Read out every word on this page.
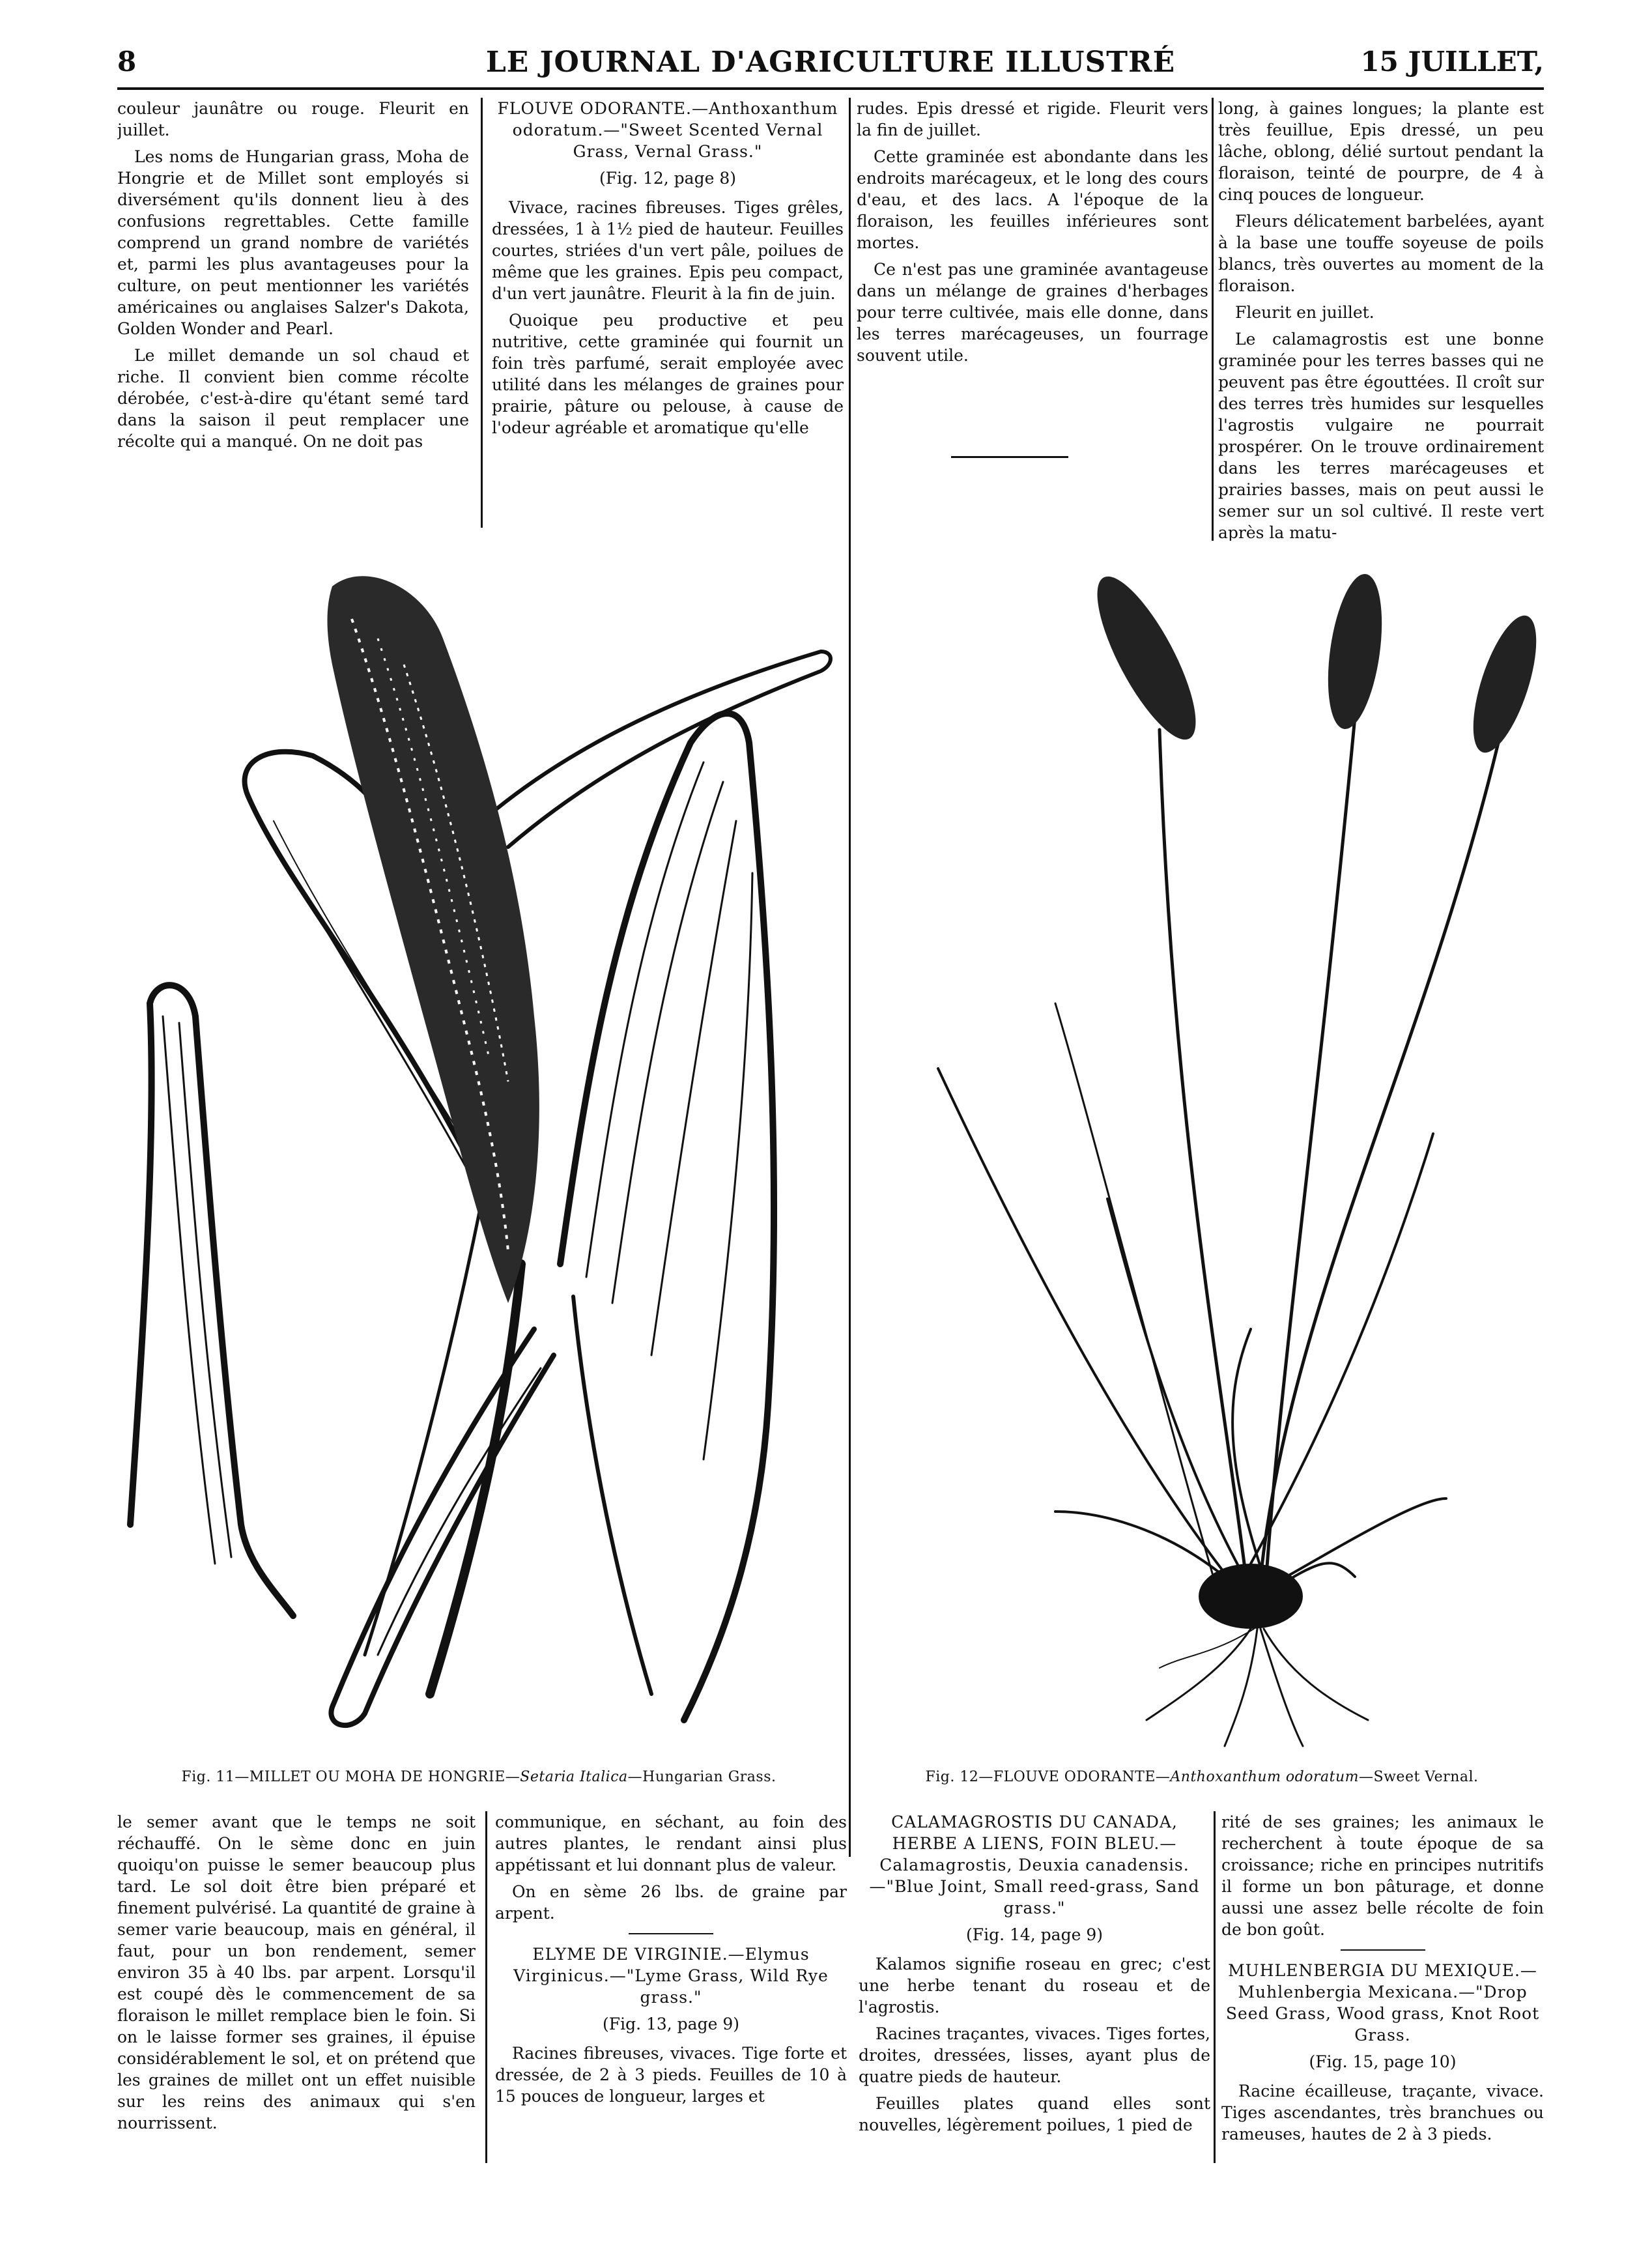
8	LE JOURNAL D'AGRICULTURE ILLUSTRÉ	15 JUILLET,

couleur jaunâtre ou rouge. Fleurit en juillet.

Les noms de Hungarian grass, Moha de Hongrie et de Millet sont employés si diversément qu'ils donnent lieu à des confusions regrettables. Cette famille comprend un grand nombre de variétés et, parmi les plus avantageuses pour la culture, on peut mentionner les variétés américaines ou anglaises Salzer's Dakota, Golden Wonder and Pearl.

Le millet demande un sol chaud et riche. Il convient bien comme récolte dérobée, c'est-à-dire qu'étant semé tard dans la saison il peut remplacer une récolte qui a manqué. On ne doit pas

FLOUVE ODORANTE.—Anthoxanthum odoratum.—"Sweet Scented Vernal Grass, Vernal Grass."

(Fig. 12, page 8)

Vivace, racines fibreuses. Tiges grêles, dressées, 1 à 1½ pied de hauteur. Feuilles courtes, striées d'un vert pâle, poilues de même que les graines. Epis peu compact, d'un vert jaunâtre. Fleurit à la fin de juin.

Quoique peu productive et peu nutritive, cette graminée qui fournit un foin très parfumé, serait employée avec utilité dans les mélanges de graines pour prairie, pâture ou pelouse, à cause de l'odeur agréable et aromatique qu'elle

rudes. Epis dressé et rigide. Fleurit vers la fin de juillet.

Cette graminée est abondante dans les endroits marécageux, et le long des cours d'eau, et des lacs. A l'époque de la floraison, les feuilles inférieures sont mortes.

Ce n'est pas une graminée avantageuse dans un mélange de graines d'herbages pour terre cultivée, mais elle donne, dans les terres marécageuses, un fourrage souvent utile.

long, à gaines longues; la plante est très feuillue, Epis dressé, un peu lâche, oblong, délié surtout pendant la floraison, teinté de pourpre, de 4 à cinq pouces de longueur.

Fleurs délicatement barbelées, ayant à la base une touffe soyeuse de poils blancs, très ouvertes au moment de la floraison.

Fleurit en juillet.

Le calamagrostis est une bonne graminée pour les terres basses qui ne peuvent pas être égouttées. Il croît sur des terres très humides sur lesquelles l'agrostis vulgaire ne pourrait prospérer. On le trouve ordinairement dans les terres marécageuses et prairies basses, mais on peut aussi le semer sur un sol cultivé. Il reste vert après la matu-

Fig. 11—MILLET OU MOHA DE HONGRIE—Setaria Italica—Hungarian Grass.	Fig. 12—FLOUVE ODORANTE—Anthoxanthum odoratum—Sweet Vernal.

le semer avant que le temps ne soit réchauffé. On le sème donc en juin quoiqu'on puisse le semer beaucoup plus tard. Le sol doit être bien préparé et finement pulvérisé. La quantité de graine à semer varie beaucoup, mais en général, il faut, pour un bon rendement, semer environ 35 à 40 lbs. par arpent. Lorsqu'il est coupé dès le commencement de sa floraison le millet remplace bien le foin. Si on le laisse former ses graines, il épuise considérablement le sol, et on prétend que les graines de millet ont un effet nuisible sur les reins des animaux qui s'en nourrissent.

communique, en séchant, au foin des autres plantes, le rendant ainsi plus appétissant et lui donnant plus de valeur.

On en sème 26 lbs. de graine par arpent.

ELYME DE VIRGINIE.—Elymus Virginicus.—"Lyme Grass, Wild Rye grass."

(Fig. 13, page 9)

Racines fibreuses, vivaces. Tige forte et dressée, de 2 à 3 pieds. Feuilles de 10 à 15 pouces de longueur, larges et

CALAMAGROSTIS DU CANADA, HERBE A LIENS, FOIN BLEU.—Calamagrostis, Deuxia canadensis.—"Blue Joint, Small reed-grass, Sand grass."

(Fig. 14, page 9)

Kalamos signifie roseau en grec; c'est une herbe tenant du roseau et de l'agrostis.

Racines traçantes, vivaces. Tiges fortes, droites, dressées, lisses, ayant plus de quatre pieds de hauteur.

Feuilles plates quand elles sont nouvelles, légèrement poilues, 1 pied de

rité de ses graines; les animaux le recherchent à toute époque de sa croissance; riche en principes nutritifs il forme un bon pâturage, et donne aussi une assez belle récolte de foin de bon goût.

MUHLENBERGIA DU MEXIQUE.—Muhlenbergia Mexicana.—"Drop Seed Grass, Wood grass, Knot Root Grass.

(Fig. 15, page 10)

Racine écailleuse, traçante, vivace. Tiges ascendantes, très branchues ou rameuses, hautes de 2 à 3 pieds.
